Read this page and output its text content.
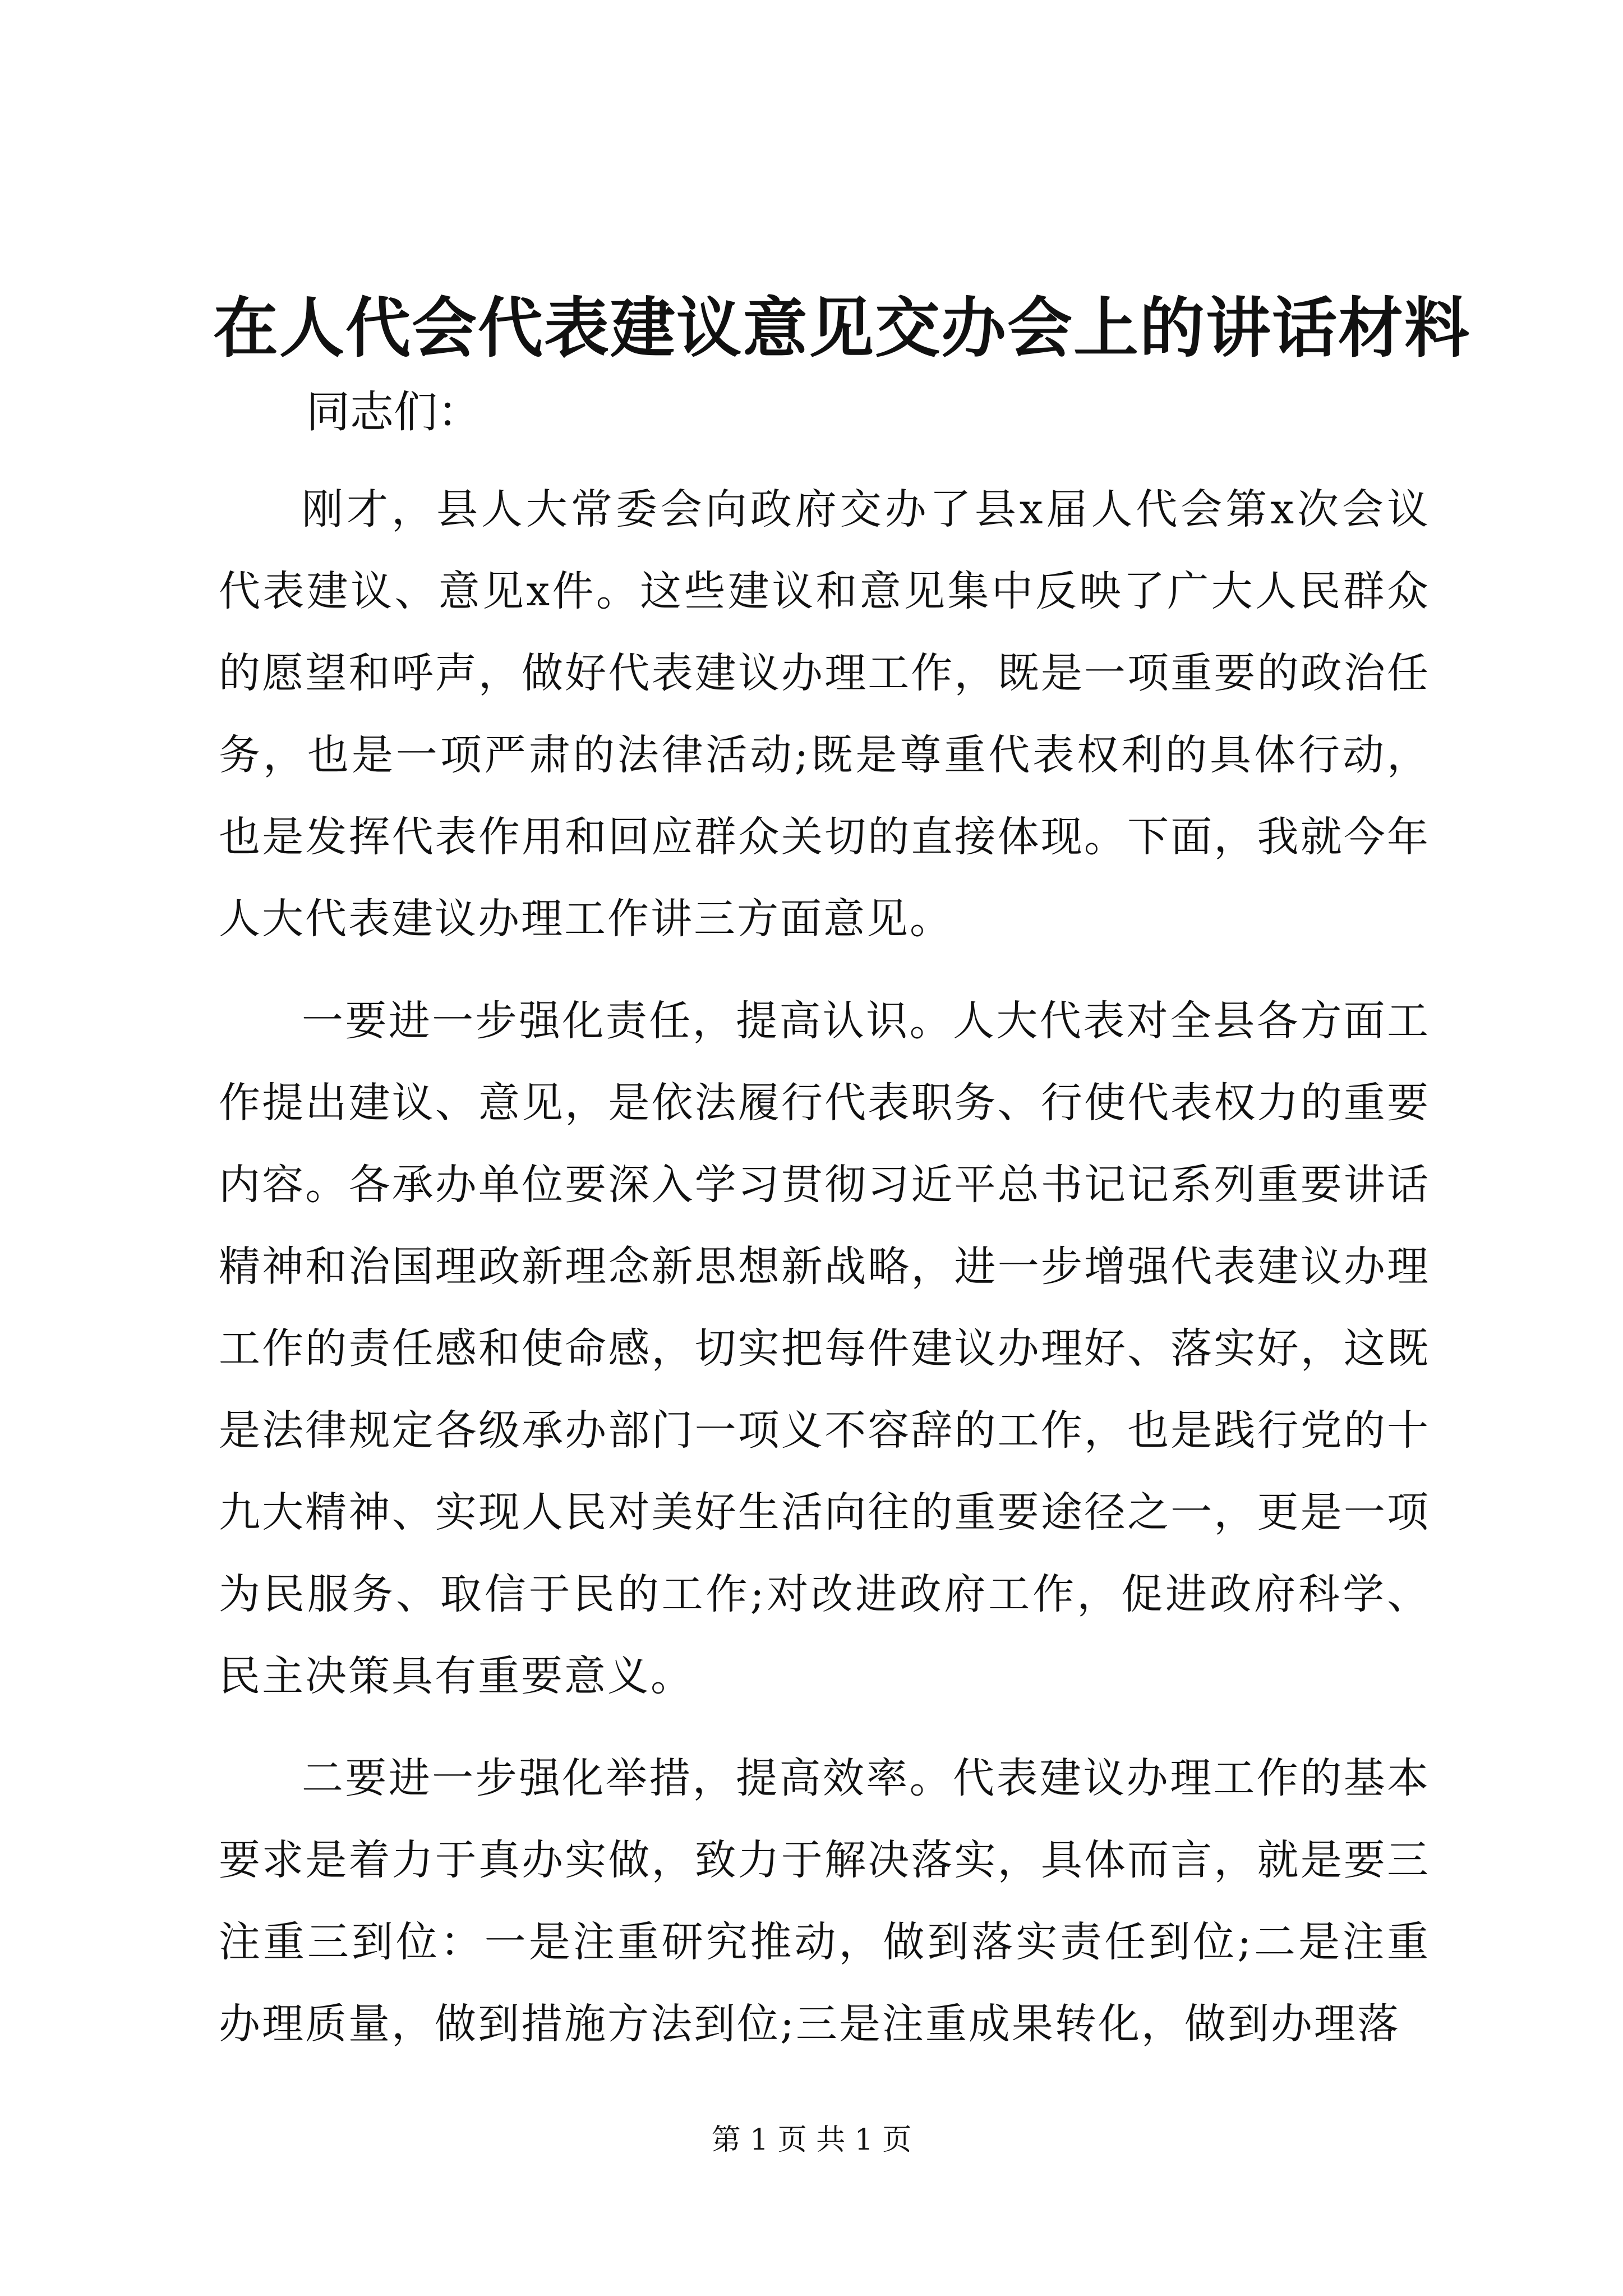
在人代会代表建议意见交办会上的讲话材料

同志们：

刚才，县人大常委会向政府交办了县x届人代会第x次会议代表建议、意见x件。这些建议和意见集中反映了广大人民群众的愿望和呼声，做好代表建议办理工作，既是一项重要的政治任务，也是一项严肃的法律活动;既是尊重代表权利的具体行动，也是发挥代表作用和回应群众关切的直接体现。下面，我就今年人大代表建议办理工作讲三方面意见。

一要进一步强化责任，提高认识。人大代表对全县各方面工作提出建议、意见，是依法履行代表职务、行使代表权力的重要内容。各承办单位要深入学习贯彻习近平总书记记系列重要讲话精神和治国理政新理念新思想新战略，进一步增强代表建议办理工作的责任感和使命感，切实把每件建议办理好、落实好，这既是法律规定各级承办部门一项义不容辞的工作，也是践行党的十九大精神、实现人民对美好生活向往的重要途径之一，更是一项为民服务、取信于民的工作;对改进政府工作，促进政府科学、民主决策具有重要意义。

二要进一步强化举措，提高效率。代表建议办理工作的基本要求是着力于真办实做，致力于解决落实，具体而言，就是要三注重三到位：一是注重研究推动，做到落实责任到位;二是注重办理质量，做到措施方法到位;三是注重成果转化，做到办理落

第 1 页 共 1 页
